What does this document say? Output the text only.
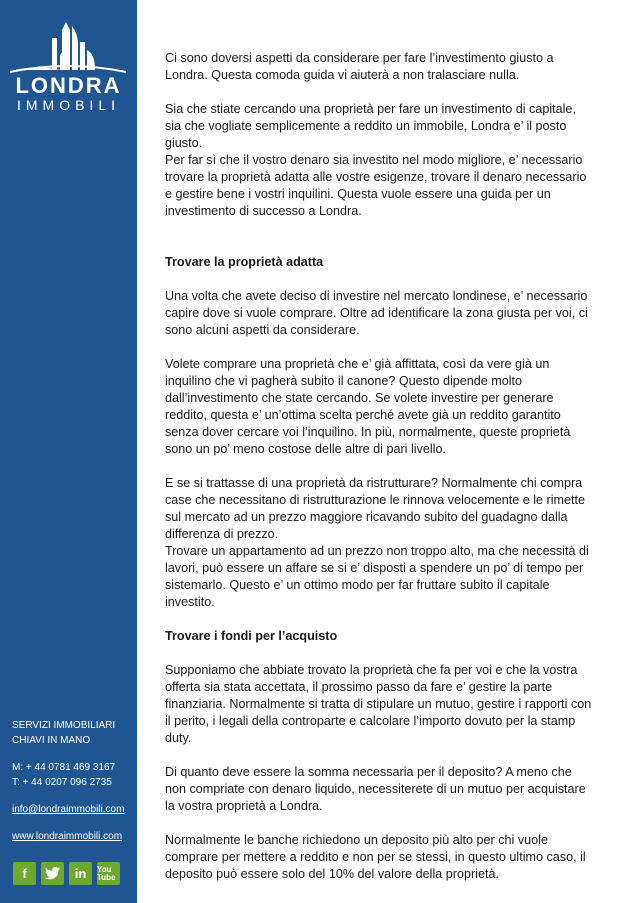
LONDRA
IMMOBILI
SERVIZI IMMOBILIARI
CHIAVI IN MANO
M: + 44 0781 469 3167
T: + 44 0207 096 2735
info@londraimmobili.com
www.londraimmobili.com
f	in	You Tube

Ci sono doversi aspetti da considerare per fare l’investimento giusto a Londra. Questa comoda guida vi aiuterà a non tralasciare nulla.

Sia che stiate cercando una proprietà per fare un investimento di capitale, sia che vogliate semplicemente a reddito un immobile, Londra e’ il posto giusto.

Per far sì che il vostro denaro sia investito nel modo migliore, e’ necessario trovare la proprietà adatta alle vostre esigenze, trovare il denaro necessario e gestire bene i vostri inquilini. Questa vuole essere una guida per un investimento di successo a Londra.

Trovare la proprietà adatta

Una volta che avete deciso di investire nel mercato londinese, e’ necessario capire dove si vuole comprare. Oltre ad identificare la zona giusta per voi, ci sono alcuni aspetti da considerare.

Volete comprare una proprietà che e’ già affittata, così da vere già un inquilino che vi pagherà subito il canone? Questo dipende molto dall’investimento che state cercando. Se volete investire per generare reddito, questa e’ un’ottima scelta perché avete già un reddito garantito senza dover cercare voi l’inquilino. In più, normalmente, queste proprietà sono un po’ meno costose delle altre di pari livello.

E se si trattasse di una proprietà da ristrutturare? Normalmente chi compra case che necessitano di ristrutturazione le rinnova velocemente e le rimette sul mercato ad un prezzo maggiore ricavando subito del guadagno dalla differenza di prezzo.

Trovare un appartamento ad un prezzo non troppo alto, ma che necessità di lavori, può essere un affare se si e’ disposti a spendere un po’ di tempo per sistemarlo. Questo e’ un ottimo modo per far fruttare subito il capitale investito.

Trovare i fondi per l’acquisto

Supponiamo che abbiate trovato la proprietà che fa per voi e che la vostra offerta sia stata accettata, il prossimo passo da fare e’ gestire la parte finanziaria. Normalmente si tratta di stipulare un mutuo, gestire i rapporti con il perito, i legali della controparte e calcolare l’importo dovuto per la stamp duty.

Di quanto deve essere la somma necessaria per il deposito? A meno che non compriate con denaro liquido, necessiterete di un mutuo per acquistare la vostra proprietà a Londra.

Normalmente le banche richiedono un deposito più alto per chi vuole comprare per mettere a reddito e non per se stessi, in questo ultimo caso, il deposito può essere solo del 10% del valore della proprietà.
